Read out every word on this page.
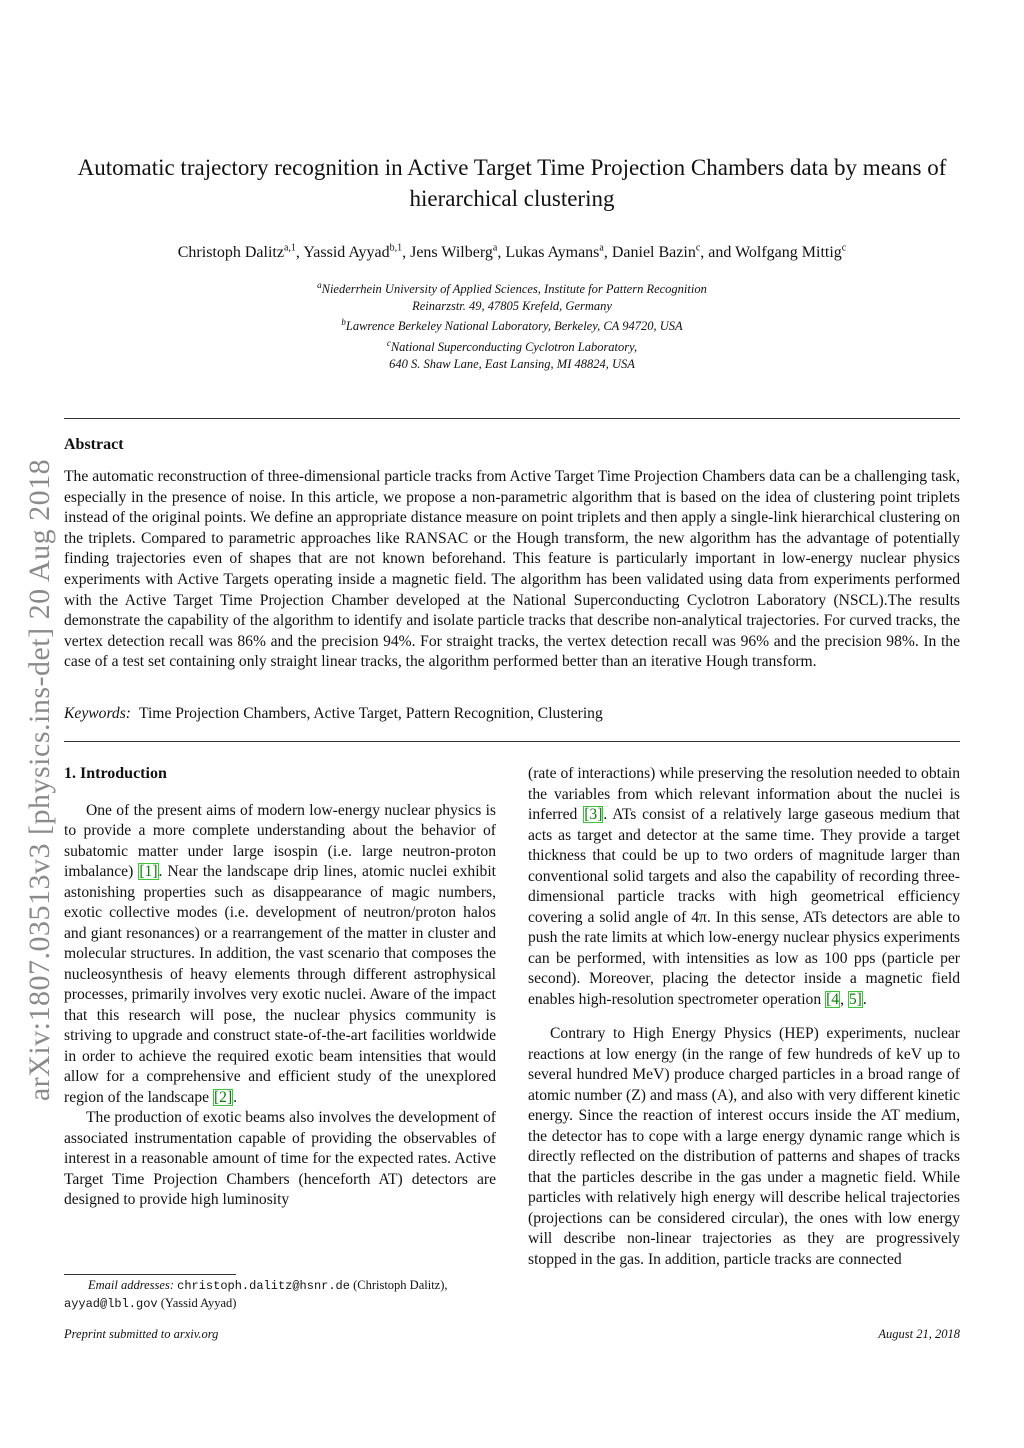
arXiv:1807.03513v3 [physics.ins-det] 20 Aug 2018
Automatic trajectory recognition in Active Target Time Projection Chambers data by means of hierarchical clustering
Christoph Dalitz$^{a,1}$, Yassid Ayyad$^{b,1}$, Jens Wilberg$^a$, Lukas Aymans$^a$, Daniel Bazin$^c$, and Wolfgang Mittig$^c$
$^a$Niederrhein University of Applied Sciences, Institute for Pattern Recognition
Reinarzstr. 49, 47805 Krefeld, Germany
$^b$Lawrence Berkeley National Laboratory, Berkeley, CA 94720, USA
$^c$National Superconducting Cyclotron Laboratory,
640 S. Shaw Lane, East Lansing, MI 48824, USA
Abstract
The automatic reconstruction of three-dimensional particle tracks from Active Target Time Projection Chambers data can be a challenging task, especially in the presence of noise. In this article, we propose a non-parametric algorithm that is based on the idea of clustering point triplets instead of the original points. We define an appropriate distance measure on point triplets and then apply a single-link hierarchical clustering on the triplets. Compared to parametric approaches like RANSAC or the Hough transform, the new algorithm has the advantage of potentially finding trajectories even of shapes that are not known beforehand. This feature is particularly important in low-energy nuclear physics experiments with Active Targets operating inside a magnetic field. The algorithm has been validated using data from experiments performed with the Active Target Time Projection Chamber developed at the National Superconducting Cyclotron Laboratory (NSCL).The results demonstrate the capability of the algorithm to identify and isolate particle tracks that describe non-analytical trajectories. For curved tracks, the vertex detection recall was 86% and the precision 94%. For straight tracks, the vertex detection recall was 96% and the precision 98%. In the case of a test set containing only straight linear tracks, the algorithm performed better than an iterative Hough transform.
Keywords: Time Projection Chambers, Active Target, Pattern Recognition, Clustering
1. Introduction

One of the present aims of modern low-energy nuclear physics is to provide a more complete understanding about the behavior of subatomic matter under large isospin (i.e. large neutron-proton imbalance) [1]. Near the landscape drip lines, atomic nuclei exhibit astonishing properties such as disappearance of magic numbers, exotic collective modes (i.e. development of neutron/proton halos and giant resonances) or a rearrangement of the matter in cluster and molecular structures. In addition, the vast scenario that composes the nucleosynthesis of heavy elements through different astrophysical processes, primarily involves very exotic nuclei. Aware of the impact that this research will pose, the nuclear physics community is striving to upgrade and construct state-of-the-art facilities worldwide in order to achieve the required exotic beam intensities that would allow for a comprehensive and efficient study of the unexplored region of the landscape [2].

The production of exotic beams also involves the development of associated instrumentation capable of providing the observables of interest in a reasonable amount of time for the expected rates. Active Target Time Projection Chambers (henceforth AT) detectors are designed to provide high luminosity

(rate of interactions) while preserving the resolution needed to obtain the variables from which relevant information about the nuclei is inferred [3]. ATs consist of a relatively large gaseous medium that acts as target and detector at the same time. They provide a target thickness that could be up to two orders of magnitude larger than conventional solid targets and also the capability of recording three-dimensional particle tracks with high geometrical efficiency covering a solid angle of 4π. In this sense, ATs detectors are able to push the rate limits at which low-energy nuclear physics experiments can be performed, with intensities as low as 100 pps (particle per second). Moreover, placing the detector inside a magnetic field enables high-resolution spectrometer operation [4, 5].

Contrary to High Energy Physics (HEP) experiments, nuclear reactions at low energy (in the range of few hundreds of keV up to several hundred MeV) produce charged particles in a broad range of atomic number (Z) and mass (A), and also with very different kinetic energy. Since the reaction of interest occurs inside the AT medium, the detector has to cope with a large energy dynamic range which is directly reflected on the distribution of patterns and shapes of tracks that the particles describe in the gas under a magnetic field. While particles with relatively high energy will describe helical trajectories (projections can be considered circular), the ones with low energy will describe non-linear trajectories as they are progressively stopped in the gas. In addition, particle tracks are connected

Email addresses: christoph.dalitz@hsnr.de (Christoph Dalitz),
ayyad@lbl.gov (Yassid Ayyad)
Preprint submitted to arxiv.org	August 21, 2018
